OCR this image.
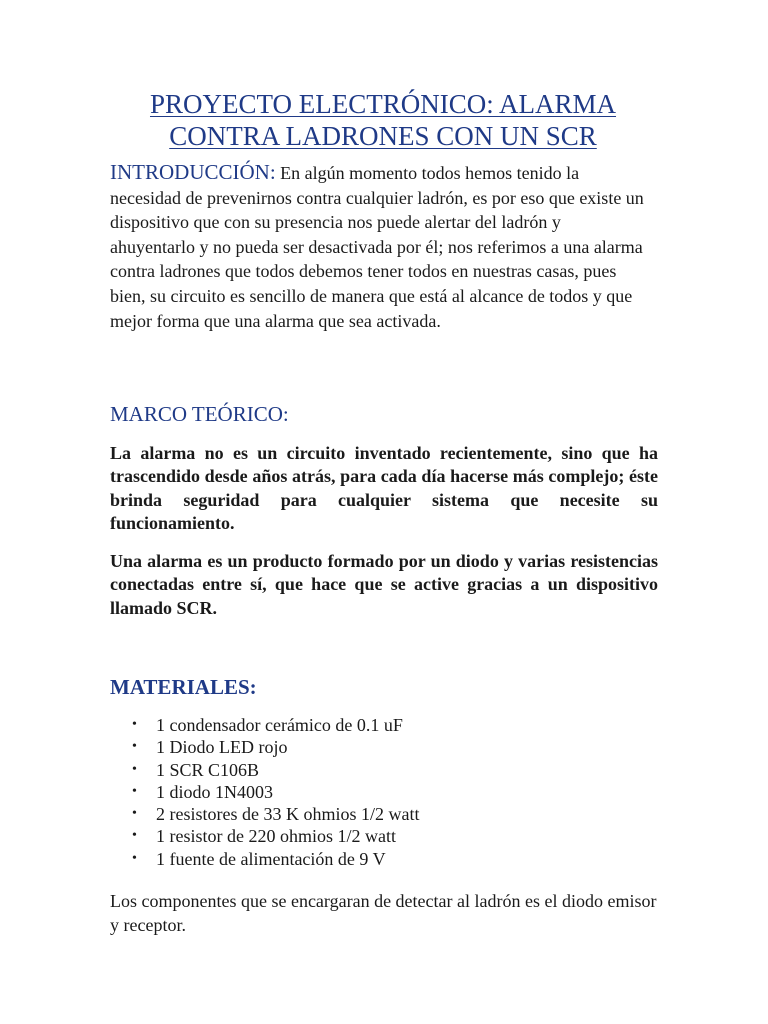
PROYECTO ELECTRÓNICO: ALARMA
CONTRA LADRONES CON UN SCR

INTRODUCCIÓN: En algún momento todos hemos tenido la necesidad de prevenirnos contra cualquier ladrón, es por eso que existe un dispositivo que con su presencia nos puede alertar del ladrón y ahuyentarlo y no pueda ser desactivada por él; nos referimos a una alarma contra ladrones que todos debemos tener todos en nuestras casas, pues bien, su circuito es sencillo de manera que está al alcance de todos y que mejor forma que una alarma que sea activada.

MARCO TEÓRICO:

La alarma no es un circuito inventado recientemente, sino que ha trascendido desde años atrás, para cada día hacerse más complejo; éste brinda seguridad para cualquier sistema que necesite su funcionamiento.

Una alarma es un producto formado por un diodo y varias resistencias conectadas entre sí, que hace que se active gracias a un dispositivo llamado SCR.

MATERIALES:
• 1 condensador cerámico de 0.1 uF
• 1 Diodo LED rojo
• 1 SCR C106B
• 1 diodo 1N4003
• 2 resistores de 33 K ohmios 1/2 watt
• 1 resistor de 220 ohmios 1/2 watt
• 1 fuente de alimentación de 9 V

Los componentes que se encargaran de detectar al ladrón es el diodo emisor y receptor.
